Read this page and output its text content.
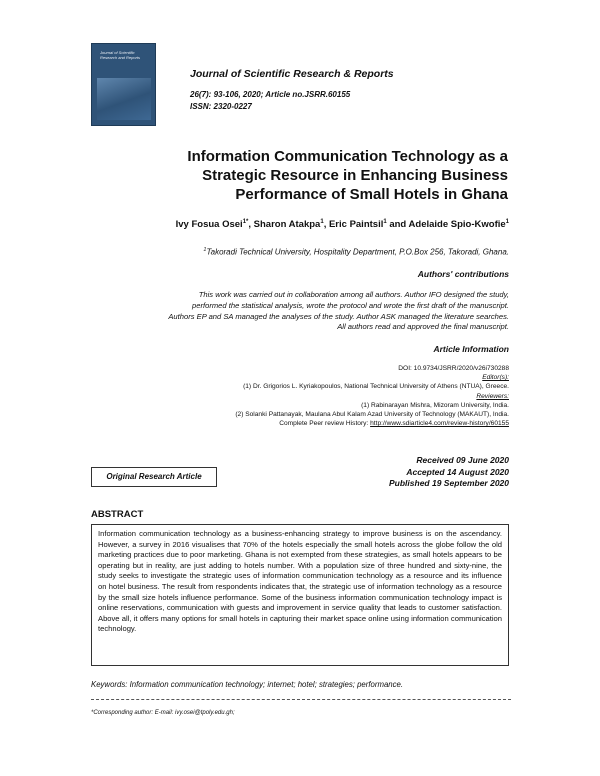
Journal of Scientific Research and Reports
Journal of Scientific Research & Reports
26(7): 93-106, 2020; Article no.JSRR.60155
ISSN: 2320-0227
Information Communication Technology as a
Strategic Resource in Enhancing Business
Performance of Small Hotels in Ghana
Ivy Fosua Osei$^{1*}$, Sharon Atakpa$^1$, Eric Paintsil$^1$ and Adelaide Spio-Kwofie$^1$
$^1$Takoradi Technical University, Hospitality Department, P.O.Box 256, Takoradi, Ghana.
Authors' contributions
This work was carried out in collaboration among all authors. Author IFO designed the study,
performed the statistical analysis, wrote the protocol and wrote the first draft of the manuscript.
Authors EP and SA managed the analyses of the study. Author ASK managed the literature searches.
All authors read and approved the final manuscript.
Article Information
DOI: 10.9734/JSRR/2020/v26i730288
Editor(s):
(1) Dr. Grigorios L. Kyriakopoulos, National Technical University of Athens (NTUA), Greece.
Reviewers:
(1) Rabinarayan Mishra, Mizoram University, India.
(2) Solanki Pattanayak, Maulana Abul Kalam Azad University of Technology (MAKAUT), India.
Complete Peer review History: http://www.sdiarticle4.com/review-history/60155
Original Research Article
Received 09 June 2020
Accepted 14 August 2020
Published 19 September 2020
ABSTRACT
Information communication technology as a business-enhancing strategy to improve business is on the ascendancy. However, a survey in 2016 visualises that 70% of the hotels especially the small hotels across the globe follow the old marketing practices due to poor marketing. Ghana is not exempted from these strategies, as small hotels appears to be operating but in reality, are just adding to hotels number. With a population size of three hundred and sixty-nine, the study seeks to investigate the strategic uses of information communication technology as a resource and its influence on hotel business. The result from respondents indicates that, the strategic use of information technology as a resource by the small size hotels influence performance. Some of the business information communication technology impact is online reservations, communication with guests and improvement in service quality that leads to customer satisfaction. Above all, it offers many options for small hotels in capturing their market space online using information communication technology.
Keywords: Information communication technology; internet; hotel; strategies; performance.
*Corresponding author: E-mail: ivy.osei@tpoly.edu.gh;
